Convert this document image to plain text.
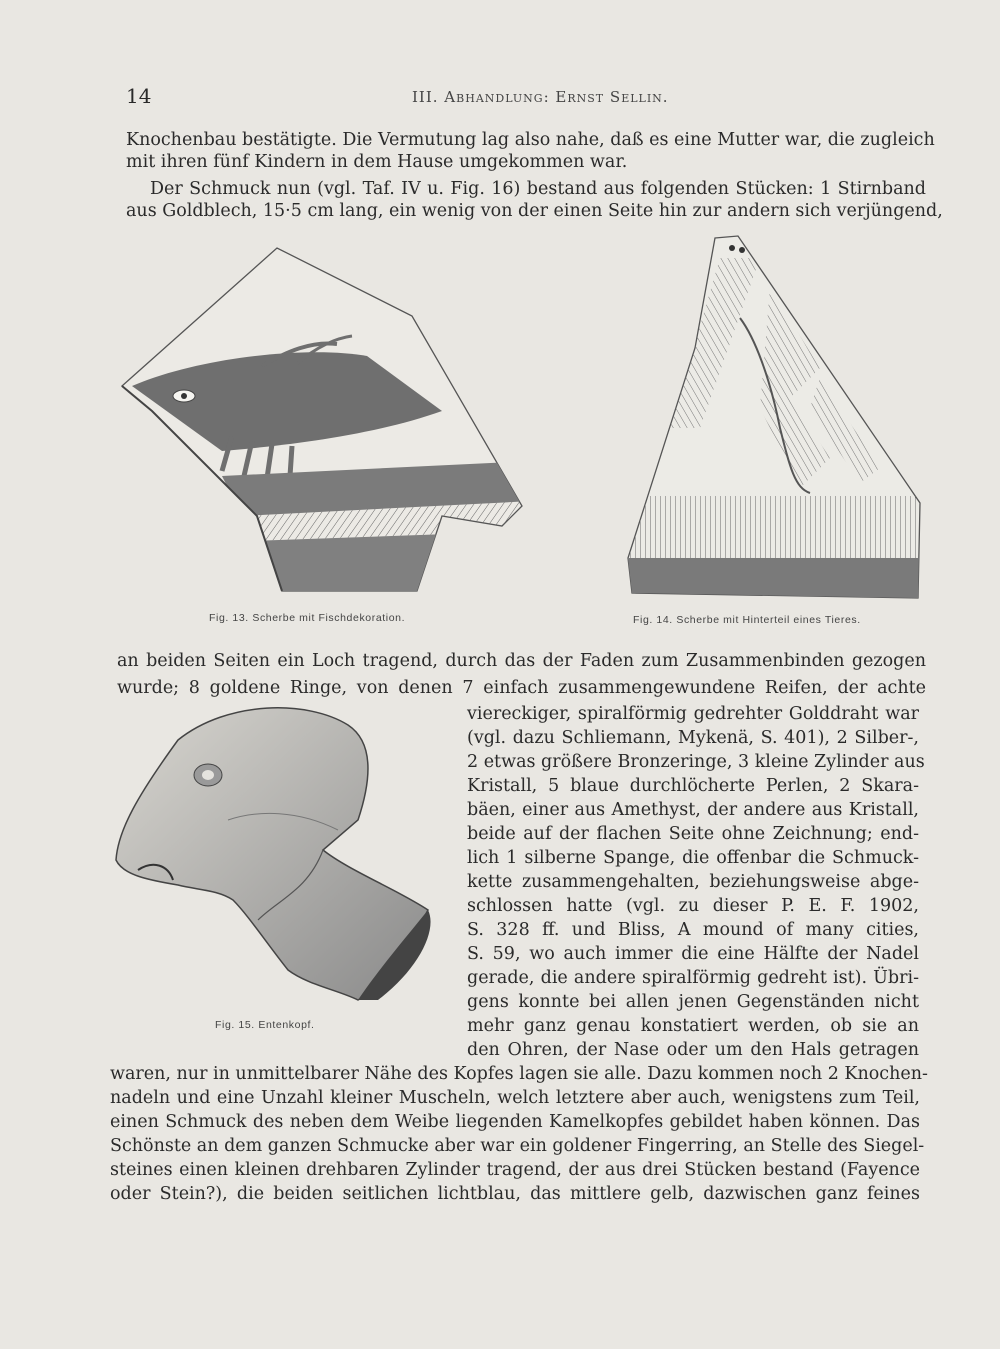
14	III. Abhandlung: Ernst Sellin.
Knochenbau bestätigte. Die Vermutung lag also nahe, daß es eine Mutter war, die zugleich
mit ihren fünf Kindern in dem Hause umgekommen war.
Der Schmuck nun (vgl. Taf. IV u. Fig. 16) bestand aus folgenden Stücken: 1 Stirnband
aus Goldblech, 15·5 cm lang, ein wenig von der einen Seite hin zur andern sich verjüngend,
Fig. 13. Scherbe mit Fischdekoration.	Fig. 14. Scherbe mit Hinterteil eines Tieres.
an beiden Seiten ein Loch tragend, durch das der Faden zum Zusammenbinden gezogen
wurde; 8 goldene Ringe, von denen 7 einfach zusammengewundene Reifen, der achte
Fig. 15. Entenkopf.
viereckiger, spiralförmig gedrehter Golddraht war
(vgl. dazu Schliemann, Mykenä, S. 401), 2 Silber-,
2 etwas größere Bronzeringe, 3 kleine Zylinder aus
Kristall, 5 blaue durchlöcherte Perlen, 2 Skara-
bäen, einer aus Amethyst, der andere aus Kristall,
beide auf der flachen Seite ohne Zeichnung; end-
lich 1 silberne Spange, die offenbar die Schmuck-
kette zusammengehalten, beziehungsweise abge-
schlossen hatte (vgl. zu dieser P. E. F. 1902,
S. 328 ff. und Bliss, A mound of many cities,
S. 59, wo auch immer die eine Hälfte der Nadel
gerade, die andere spiralförmig gedreht ist). Übri-
gens konnte bei allen jenen Gegenständen nicht
mehr ganz genau konstatiert werden, ob sie an
den Ohren, der Nase oder um den Hals getragen
waren, nur in unmittelbarer Nähe des Kopfes lagen sie alle. Dazu kommen noch 2 Knochen-
nadeln und eine Unzahl kleiner Muscheln, welch letztere aber auch, wenigstens zum Teil,
einen Schmuck des neben dem Weibe liegenden Kamelkopfes gebildet haben können. Das
Schönste an dem ganzen Schmucke aber war ein goldener Fingerring, an Stelle des Siegel-
steines einen kleinen drehbaren Zylinder tragend, der aus drei Stücken bestand (Fayence
oder Stein?), die beiden seitlichen lichtblau, das mittlere gelb, dazwischen ganz feines
